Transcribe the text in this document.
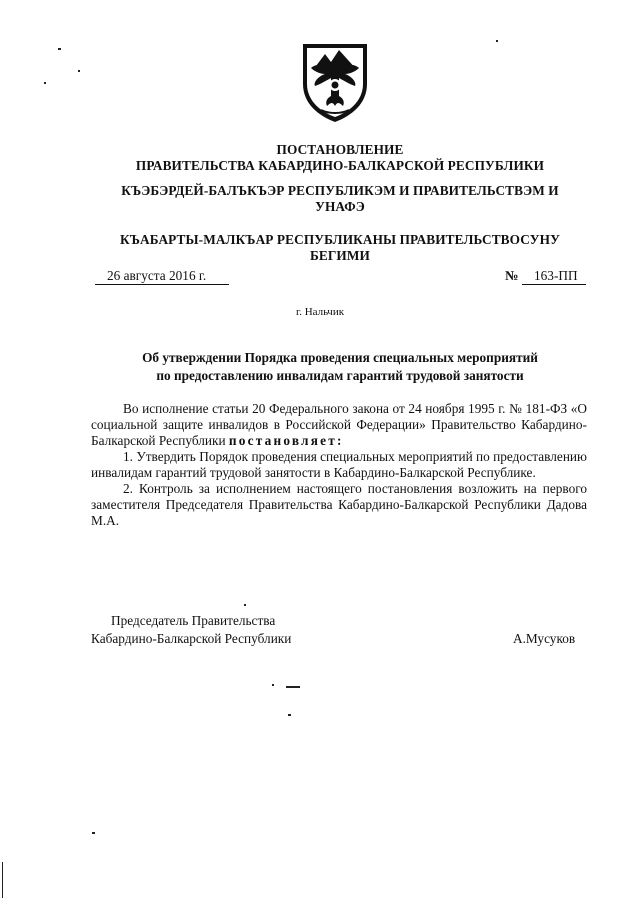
ПОСТАНОВЛЕНИЕ
ПРАВИТЕЛЬСТВА КАБАРДИНО-БАЛКАРСКОЙ РЕСПУБЛИКИ
КЪЭБЭРДЕЙ-БАЛЪКЪЭР РЕСПУБЛИКЭМ И ПРАВИТЕЛЬСТВЭМ И
УНАФЭ
КЪАБАРТЫ-МАЛКЪАР РЕСПУБЛИКАНЫ ПРАВИТЕЛЬСТВОСУНУ
БЕГИМИ
26 августа 2016 г.	№	163-ПП
г. Нальчик
Об утверждении Порядка проведения специальных мероприятий
по предоставлению инвалидам гарантий трудовой занятости

Во исполнение статьи 20 Федерального закона от 24 ноября 1995 г. № 181-ФЗ «О социальной защите инвалидов в Российской Федерации» Правительство Кабардино-Балкарской Республики постановляет:

1. Утвердить Порядок проведения специальных мероприятий по предоставлению инвалидам гарантий трудовой занятости в Кабардино-Балкарской Республике.

2. Контроль за исполнением настоящего постановления возложить на первого заместителя Председателя Правительства Кабардино-Балкарской Республики Дадова М.А.

Председатель Правительства
Кабардино-Балкарской Республики	А.Мусуков
